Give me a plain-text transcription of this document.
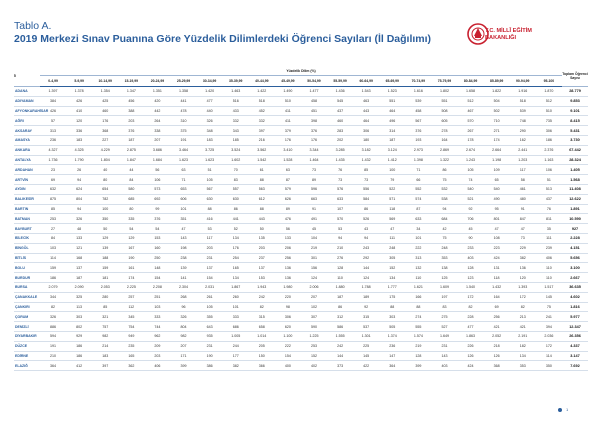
Tablo A.
2019 Merkezi Sınav Puanına Göre Yüzdelik Dilimlerdeki Öğrenci Sayıları (İl Dağılımı)
T.C. MİLLÎ EĞİTİM
BAKANLIĞI
İl	Yüzdelik Dilim (%)																				Toplam Öğrenci Sayısı
	0-4,99	5-9,99	10-14,99	15-19,99	20-24,99	25-29,99	30-34,99	35-39,99	40-44,99	45-49,99	50-54,99	55-59,99	60-64,99	65-69,99	70-74,99	75-79,99	80-84,99	85-89,99	90-94,99	95-100	
ADANA	1.397	1.378	1.354	1.347	1.351	1.358	1.420	1.463	1.422	1.490	1.477	1.436	1.543	1.523	1.616	1.802	1.658	1.822	1.916	1.870	28.779
ADIYAMAN	384	426	425	456	420	441	477	516	518	510	458	545	463	551	539	551	512	504	518	512	9.853
AFYONKARAHİSAR	426	410	460	388	442	478	440	433	452	411	451	437	443	464	458	508	467	502	539	510	9.101
AĞRI	57	120	176	203	264	310	326	332	332	411	398	460	464	496	567	605	570	710	748	735	8.415
AKSARAY	313	336	368	376	338	375	348	343	397	379	376	283	306	314	376	278	267	271	290	306	5.431
AMASYA	236	183	227	187	207	191	183	185	216	176	176	202	180	187	193	164	178	174	162	186	3.730
ANKARA	4.327	4.325	4.229	2.875	3.686	3.464	3.725	3.524	3.562	3.410	3.344	3.285	3.182	3.124	2.973	2.869	2.674	2.664	2.441	2.376	67.442
ANTALYA	1.736	1.790	1.804	1.847	1.684	1.623	1.623	1.602	1.542	1.528	1.464	1.435	1.432	1.412	1.398	1.322	1.243	1.198	1.203	1.163	28.324
ARDAHAN	23	26	40	44	56	63	51	70	61	63	73	76	85	100	71	86	105	109	117	106	1.405
ARTVİN	69	94	80	84	106	71	105	83	88	87	89	73	73	79	66	75	74	65	58	51	1.568
AYDIN	632	624	654	580	573	653	567	557	563	579	596	576	556	522	552	532	540	540	461	513	11.408
BALIKESİR	875	804	782	685	692	606	630	630	612	626	663	633	584	571	574	538	521	490	480	437	12.622
BARTIN	85	94	100	80	99	101	88	86	88	89	91	107	86	118	87	94	92	95	91	76	1.891
BATMAN	253	326	350	335	376	351	416	441	443	476	491	570	526	569	633	684	706	801	847	811	10.590
BAYBURT	27	48	50	54	54	47	53	52	50	56	45	53	43	47	34	42	45	47	47	35	927
BİLECİK	84	133	129	129	153	143	117	134	135	133	104	94	94	111	101	75	90	108	73	111	2.228
BİNGÖL	103	121	139	167	160	198	203	176	203	206	219	210	243	248	222	248	233	223	229	239	4.151
BİTLİS	114	168	188	190	250	238	231	254	237	256	301	276	292	305	313	353	403	424	382	406	5.656
BOLU	159	137	159	161	148	139	137	165	137	136	156	128	144	152	132	138	128	131	136	110	3.100
BURDUR	186	187	181	174	154	141	154	134	153	136	124	110	124	134	110	125	123	118	120	110	2.667
BURSA	2.079	2.090	2.053	2.225	2.208	2.304	2.031	1.867	1.943	1.980	2.006	1.880	1.788	1.777	1.621	1.609	1.540	1.432	1.393	1.517	36.635
ÇANAKKALE	344	325	280	257	251	268	261	260	242	220	207	187	189	175	166	197	172	164	172	145	4.602
ÇANKIRI	82	113	85	112	103	96	105	101	82	98	102	86	92	88	88	83	82	69	82	75	1.816
ÇORUM	326	303	321	345	333	326	355	333	315	306	307	312	315	303	274	275	228	256	213	241	5.977
DENİZLİ	886	802	757	754	744	804	643	686	658	620	590	586	537	505	555	527	477	421	421	394	12.347
DİYARBAKIR	594	929	982	949	962	982	935	1.005	1.014	1.100	1.225	1.555	1.301	1.374	1.574	1.649	1.863	2.052	2.191	2.036	26.356
DÜZCE	191	186	214	235	209	207	231	244	205	222	253	242	225	236	219	231	226	218	182	172	4.337
EDİRNE	210	186	183	165	203	171	190	177	150	154	152	144	145	147	128	143	126	126	134	114	3.147
ELAZIĞ	364	412	397	362	406	399	386	382	366	400	402	373	422	364	399	403	424	368	353	350	7.692
1
